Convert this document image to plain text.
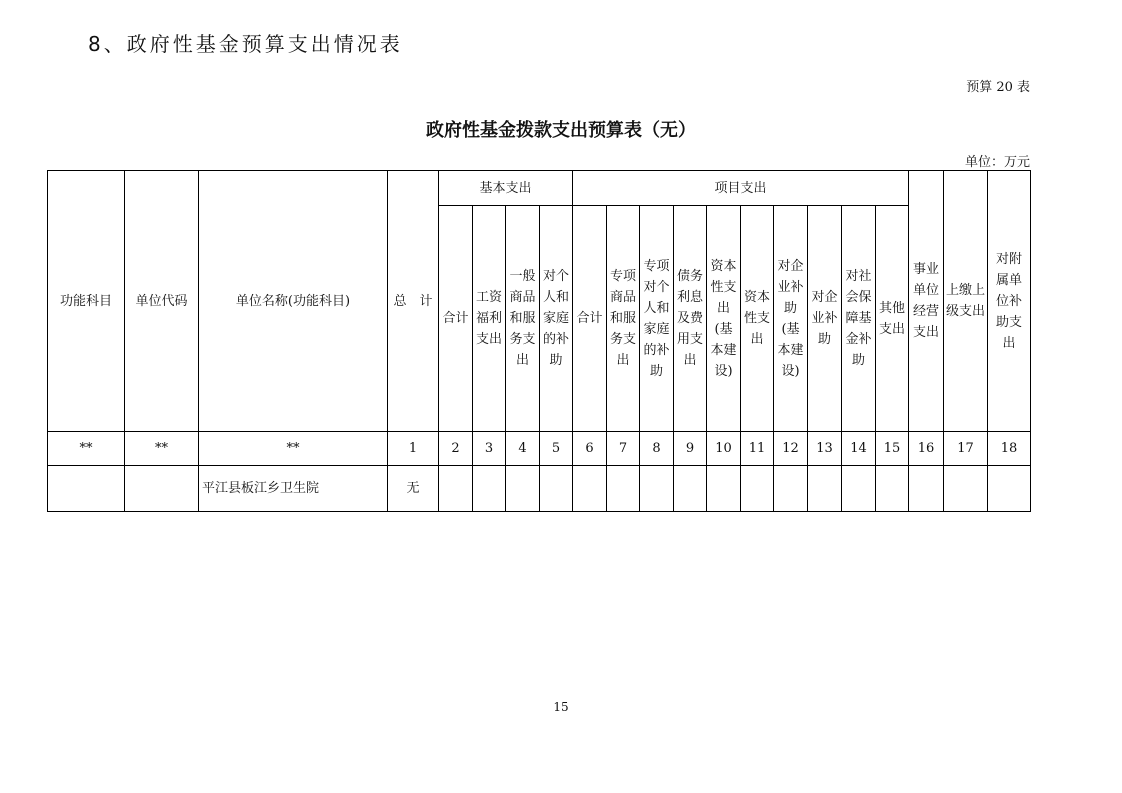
8、政府性基金预算支出情况表
预算 20 表
政府性基金拨款支出预算表（无）
单位：万元
功能科目	单位代码	单位名称(功能科目)	总　计	基本支出				项目支出										事业单位经营支出	上缴上级支出	对附属单位补助支出
				合计	工资福利支出	一般商品和服务支出	对个人和家庭的补助	合计	专项商品和服务支出	专项对个人和家庭的补助	债务利息及费用支出	资本性支出(基本建设)	资本性支出	对企业补助(基本建设)	对企业补助	对社会保障基金补助	其他支出			
**	**	**	1	2	3	4	5	6	7	8	9	10	11	12	13	14	15	16	17	18
		平江县板江乡卫生院	无																	
15
